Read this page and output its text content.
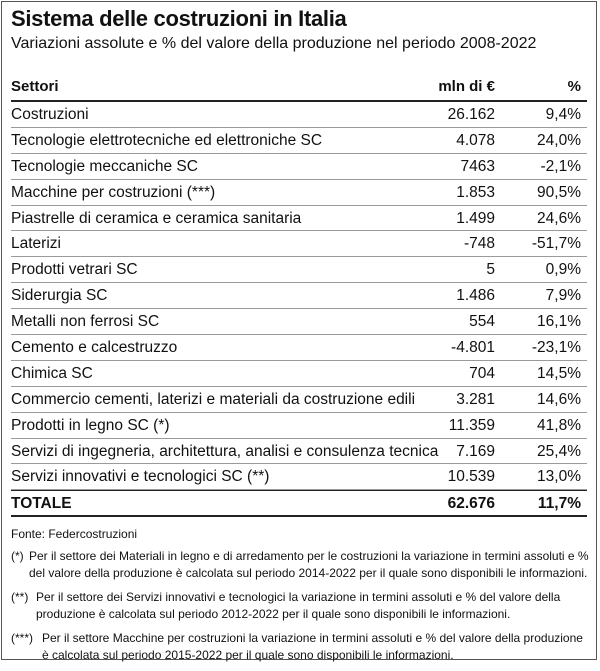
Sistema delle costruzioni in Italia
Variazioni assolute e % del valore della produzione nel periodo 2008-2022
Settori	mln di €	%
Costruzioni	26.162	9,4%
Tecnologie elettrotecniche ed elettroniche SC	4.078	24,0%
Tecnologie meccaniche SC	7463	-2,1%
Macchine per costruzioni (***)	1.853	90,5%
Piastrelle di ceramica e ceramica sanitaria	1.499	24,6%
Laterizi	-748 -51,7%
Prodotti vetrari SC	5	0,9%
Siderurgia SC	1.486	7,9%
Metalli non ferrosi SC	554	16,1%
Cemento e calcestruzzo	-4.801 -23,1%
Chimica SC	704	14,5%
Commercio cementi, laterizi e materiali da costruzione edili	3.281	14,6%
Prodotti in legno SC (*)	11.359	41,8%
Servizi di ingegneria, architettura, analisi e consulenza tecnica 7.169	25,4%
Servizi innovativi e tecnologici SC (**)	10.539	13,0%
TOTALE	62.676	11,7%
Fonte: Federcostruzioni
(*) Per il settore dei Materiali in legno e di arredamento per le costruzioni la variazione in termini assoluti e % del valore della produzione è calcolata sul periodo 2014-2022 per il quale sono disponibili le informazioni.
(**) Per il settore dei Servizi innovativi e tecnologici la variazione in termini assoluti e % del valore della produzione è calcolata sul periodo 2012-2022 per il quale sono disponibili le informazioni.
(***) Per il settore Macchine per costruzioni la variazione in termini assoluti e % del valore della produzione è calcolata sul periodo 2015-2022 per il quale sono disponibili le informazioni.
